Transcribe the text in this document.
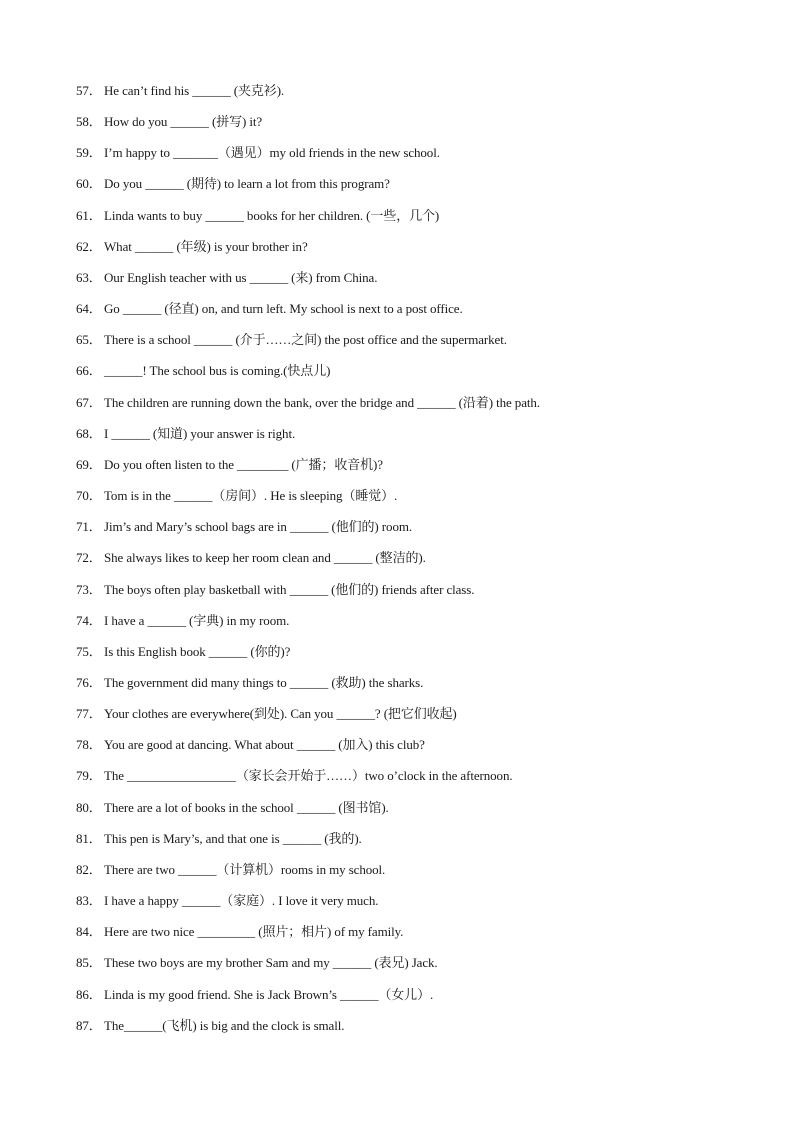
57． He can’t find his ______ (夹克衫).
58． How do you ______ (拼写) it?
59． I’m happy to _______（遇见）my old friends in the new school.
60． Do you ______ (期待) to learn a lot from this program?
61． Linda wants to buy ______ books for her children. (一些，几个)
62． What ______ (年级) is your brother in?
63． Our English teacher with us ______ (来) from China.
64． Go ______ (径直) on, and turn left. My school is next to a post office.
65． There is a school ______ (介于……之间) the post office and the supermarket.
66． ______! The school bus is coming.(快点儿)
67． The children are running down the bank, over the bridge and ______ (沿着) the path.
68． I ______ (知道) your answer is right.
69． Do you often listen to the ________ (广播；收音机)?
70． Tom is in the ______（房间）. He is sleeping（睡觉）.
71． Jim’s and Mary’s school bags are in ______ (他们的) room.
72． She always likes to keep her room clean and ______ (整洁的).
73． The boys often play basketball with ______ (他们的) friends after class.
74． I have a ______ (字典) in my room.
75． Is this English book ______ (你的)?
76． The government did many things to ______ (救助) the sharks.
77． Your clothes are everywhere(到处). Can you ______? (把它们收起)
78． You are good at dancing. What about ______ (加入) this club?
79． The _________________（家长会开始于……）two o’clock in the afternoon.
80． There are a lot of books in the school ______ (图书馆).
81． This pen is Mary’s, and that one is ______ (我的).
82． There are two ______（计算机）rooms in my school.
83． I have a happy ______（家庭）. I love it very much.
84． Here are two nice _________ (照片；相片) of my family.
85． These two boys are my brother Sam and my ______ (表兄) Jack.
86． Linda is my good friend. She is Jack Brown’s ______（女儿）.
87． The______(飞机) is big and the clock is small.
